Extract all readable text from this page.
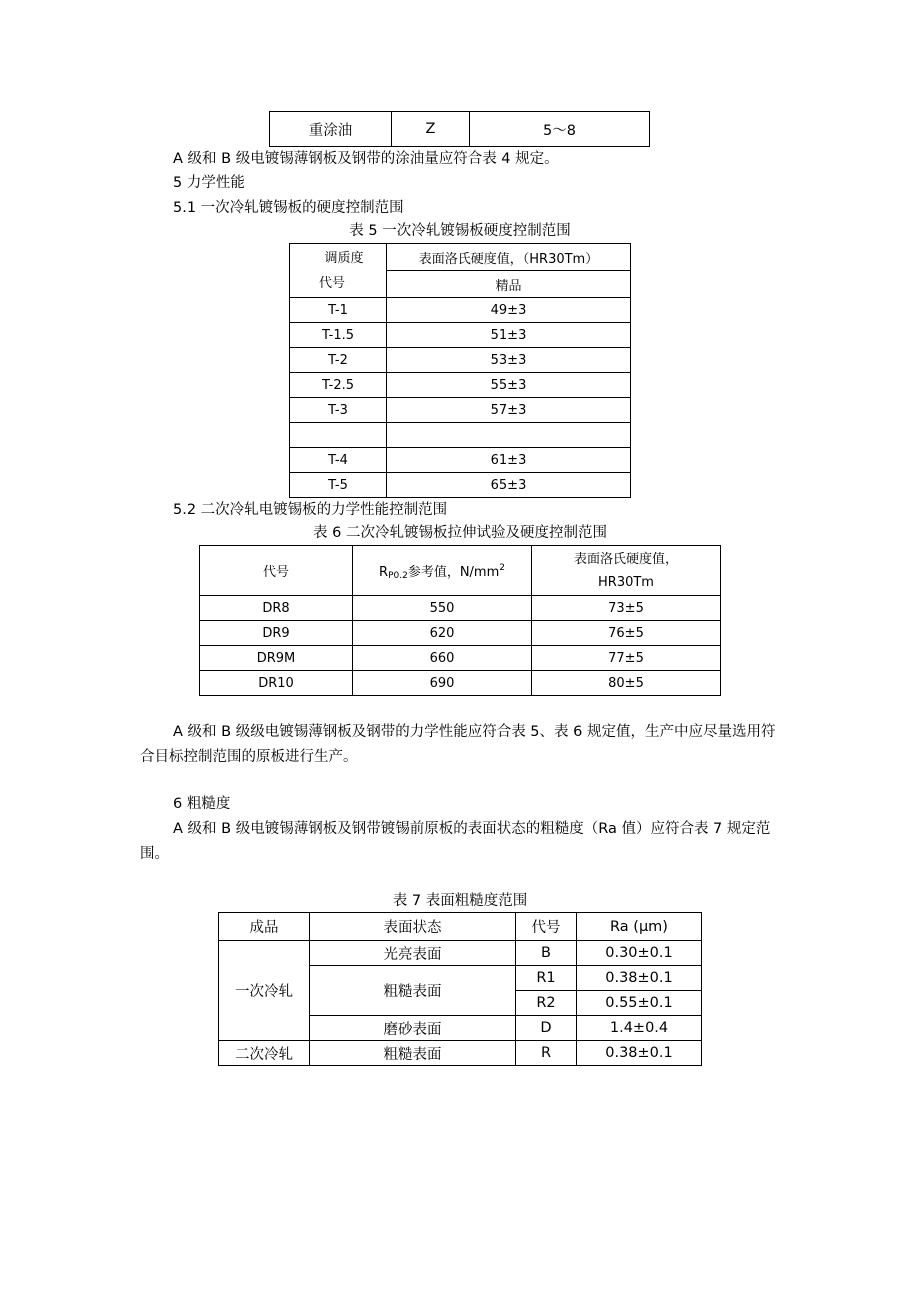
重涂油	Z	5～8
A 级和 B 级电镀锡薄钢板及钢带的涂油量应符合表 4 规定。
5 力学性能
5.1 一次冷轧镀锡板的硬度控制范围
表 5 一次冷轧镀锡板硬度控制范围
调质度
代号	表面洛氏硬度值，（HR30Tm）
	精品
T-1	49±3
T-1.5	51±3
T-2	53±3
T-2.5	55±3
T-3	57±3

T-4	61±3
T-5	65±3
5.2 二次冷轧电镀锡板的力学性能控制范围
表 6 二次冷轧镀锡板拉伸试验及硬度控制范围
代号	$R_{P0.2}$参考值，$N/mm^2$	表面洛氏硬度值，
HR30Tm

DR8	550	73±5
DR9	620	76±5
DR9M	660	77±5
DR10	690	80±5
A 级和 B 级级电镀锡薄钢板及钢带的力学性能应符合表 5、表 6 规定值，生产中应尽量选用符合目标控制范围的原板进行生产。
6 粗糙度
A 级和 B 级电镀锡薄钢板及钢带镀锡前原板的表面状态的粗糙度（Ra 值）应符合表 7 规定范围。
表 7 表面粗糙度范围
成品	表面状态	代号	Ra (μm)
一次冷轧	光亮表面	B	0.30±0.1
	粗糙表面	R1	0.38±0.1
		R2	0.55±0.1
	磨砂表面	D	1.4±0.4
二次冷轧	粗糙表面	R	0.38±0.1
